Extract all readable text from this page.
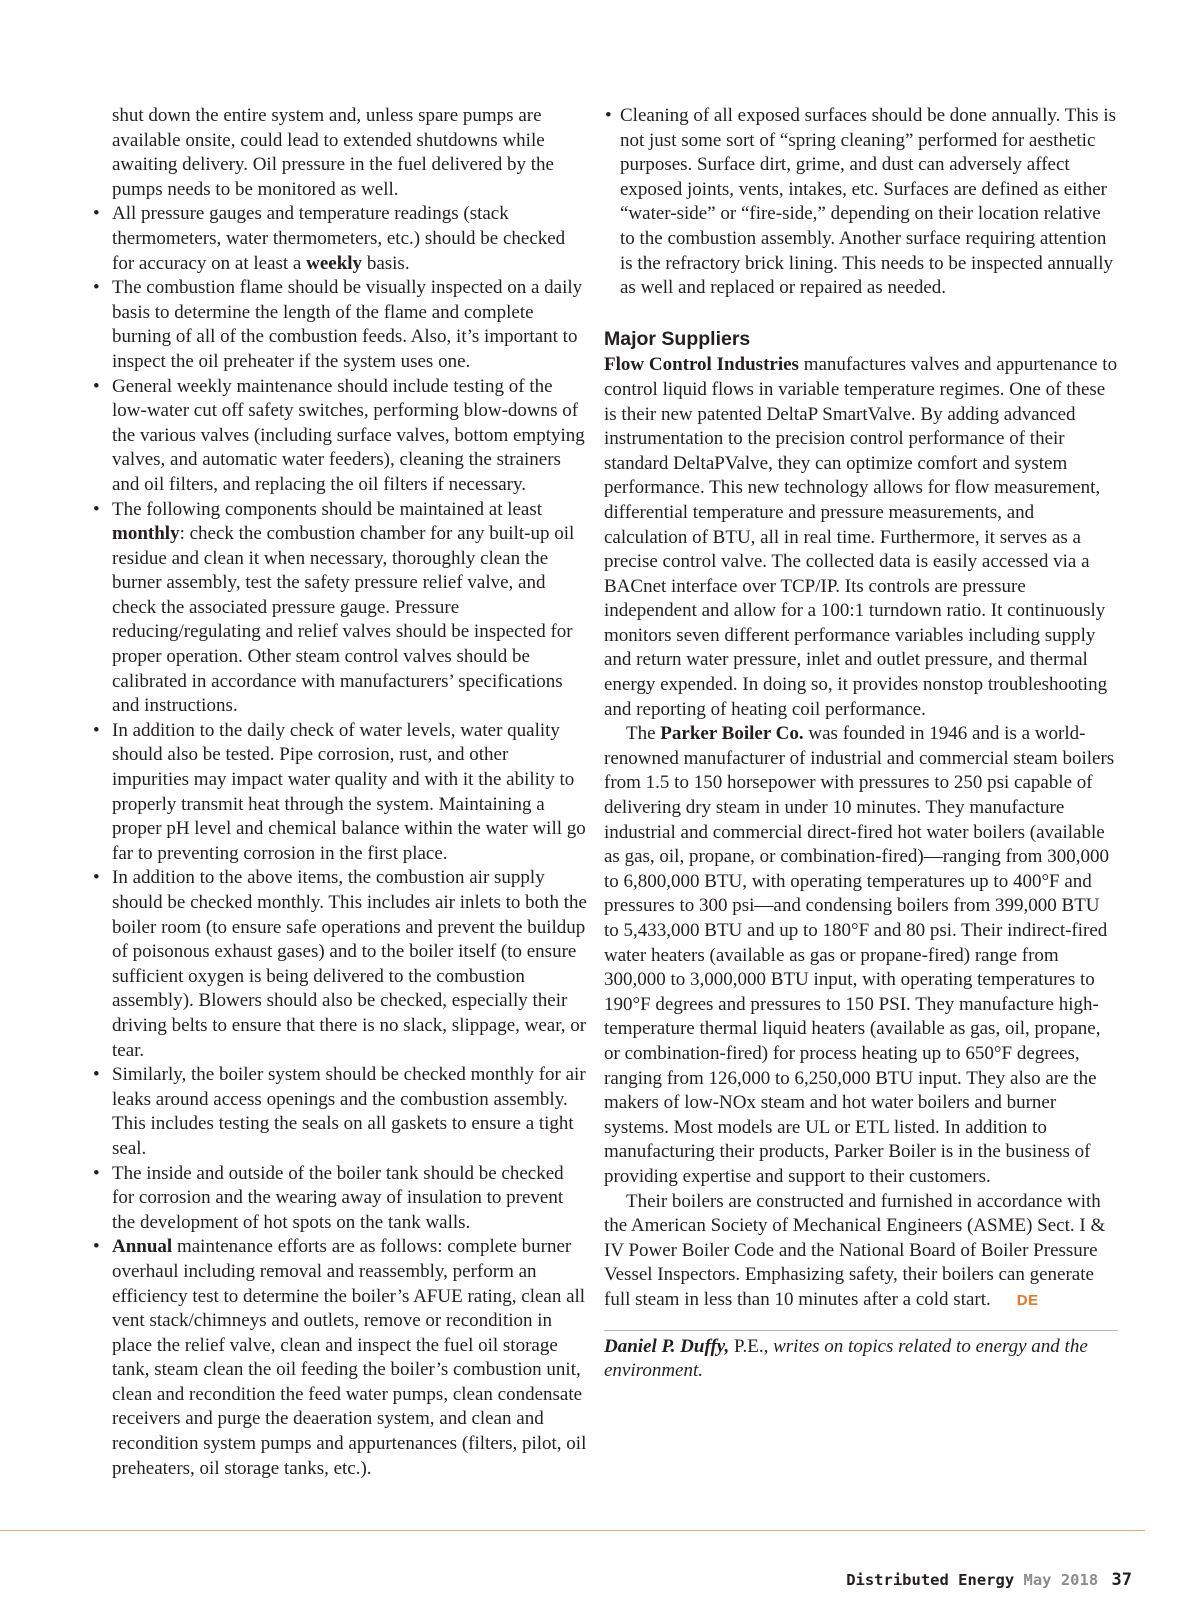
shut down the entire system and, unless spare pumps are available onsite, could lead to extended shutdowns while awaiting delivery. Oil pressure in the fuel delivered by the pumps needs to be monitored as well.

• All pressure gauges and temperature readings (stack thermometers, water thermometers, etc.) should be checked for accuracy on at least a weekly basis.
• The combustion flame should be visually inspected on a daily basis to determine the length of the flame and complete burning of all of the combustion feeds. Also, it’s important to inspect the oil preheater if the system uses one.
• General weekly maintenance should include testing of the low-water cut off safety switches, performing blow-downs of the various valves (including surface valves, bottom emptying valves, and automatic water feeders), cleaning the strainers and oil filters, and replacing the oil filters if necessary.
• The following components should be maintained at least monthly: check the combustion chamber for any built-up oil residue and clean it when necessary, thoroughly clean the burner assembly, test the safety pressure relief valve, and check the associated pressure gauge. Pressure reducing/regulating and relief valves should be inspected for proper operation. Other steam control valves should be calibrated in accordance with manufacturers’ specifications and instructions.
• In addition to the daily check of water levels, water quality should also be tested. Pipe corrosion, rust, and other impurities may impact water quality and with it the ability to properly transmit heat through the system. Maintaining a proper pH level and chemical balance within the water will go far to preventing corrosion in the first place.
• In addition to the above items, the combustion air supply should be checked monthly. This includes air inlets to both the boiler room (to ensure safe operations and prevent the buildup of poisonous exhaust gases) and to the boiler itself (to ensure sufficient oxygen is being delivered to the combustion assembly). Blowers should also be checked, especially their driving belts to ensure that there is no slack, slippage, wear, or tear.
• Similarly, the boiler system should be checked monthly for air leaks around access openings and the combustion assembly. This includes testing the seals on all gaskets to ensure a tight seal.
• The inside and outside of the boiler tank should be checked for corrosion and the wearing away of insulation to prevent the development of hot spots on the tank walls.
• Annual maintenance efforts are as follows: complete burner overhaul including removal and reassembly, perform an efficiency test to determine the boiler’s AFUE rating, clean all vent stack/chimneys and outlets, remove or recondition in place the relief valve, clean and inspect the fuel oil storage tank, steam clean the oil feeding the boiler’s combustion unit, clean and recondition the feed water pumps, clean condensate receivers and purge the deaeration system, and clean and recondition system pumps and appurtenances (filters, pilot, oil preheaters, oil storage tanks, etc.).
• Cleaning of all exposed surfaces should be done annually. This is not just some sort of “spring cleaning” performed for aesthetic purposes. Surface dirt, grime, and dust can adversely affect exposed joints, vents, intakes, etc. Surfaces are defined as either “water-side” or “fire-side,” depending on their location relative to the combustion assembly. Another surface requiring attention is the refractory brick lining. This needs to be inspected annually as well and replaced or repaired as needed.
Major Suppliers

Flow Control Industries manufactures valves and appurtenance to control liquid flows in variable temperature regimes. One of these is their new patented DeltaP SmartValve. By adding advanced instrumentation to the precision control performance of their standard DeltaPValve, they can optimize comfort and system performance. This new technology allows for flow measurement, differential temperature and pressure measurements, and calculation of BTU, all in real time. Furthermore, it serves as a precise control valve. The collected data is easily accessed via a BACnet interface over TCP/IP. Its controls are pressure independent and allow for a 100:1 turndown ratio. It continuously monitors seven different performance variables including supply and return water pressure, inlet and outlet pressure, and thermal energy expended. In doing so, it provides nonstop troubleshooting and reporting of heating coil performance.

The Parker Boiler Co. was founded in 1946 and is a world-renowned manufacturer of industrial and commercial steam boilers from 1.5 to 150 horsepower with pressures to 250 psi capable of delivering dry steam in under 10 minutes. They manufacture industrial and commercial direct-fired hot water boilers (available as gas, oil, propane, or combination-fired)—ranging from 300,000 to 6,800,000 BTU, with operating temperatures up to 400°F and pressures to 300 psi—and condensing boilers from 399,000 BTU to 5,433,000 BTU and up to 180°F and 80 psi. Their indirect-fired water heaters (available as gas or propane-fired) range from 300,000 to 3,000,000 BTU input, with operating temperatures to 190°F degrees and pressures to 150 PSI. They manufacture high-temperature thermal liquid heaters (available as gas, oil, propane, or combination-fired) for process heating up to 650°F degrees, ranging from 126,000 to 6,250,000 BTU input. They also are the makers of low-NOx steam and hot water boilers and burner systems. Most models are UL or ETL listed. In addition to manufacturing their products, Parker Boiler is in the business of providing expertise and support to their customers.

Their boilers are constructed and furnished in accordance with the American Society of Mechanical Engineers (ASME) Sect. I & IV Power Boiler Code and the National Board of Boiler Pressure Vessel Inspectors. Emphasizing safety, their boilers can generate full steam in less than 10 minutes after a cold start. DE

Daniel P. Duffy, P.E., writes on topics related to energy and the environment.

Distributed Energy May 2018 37
